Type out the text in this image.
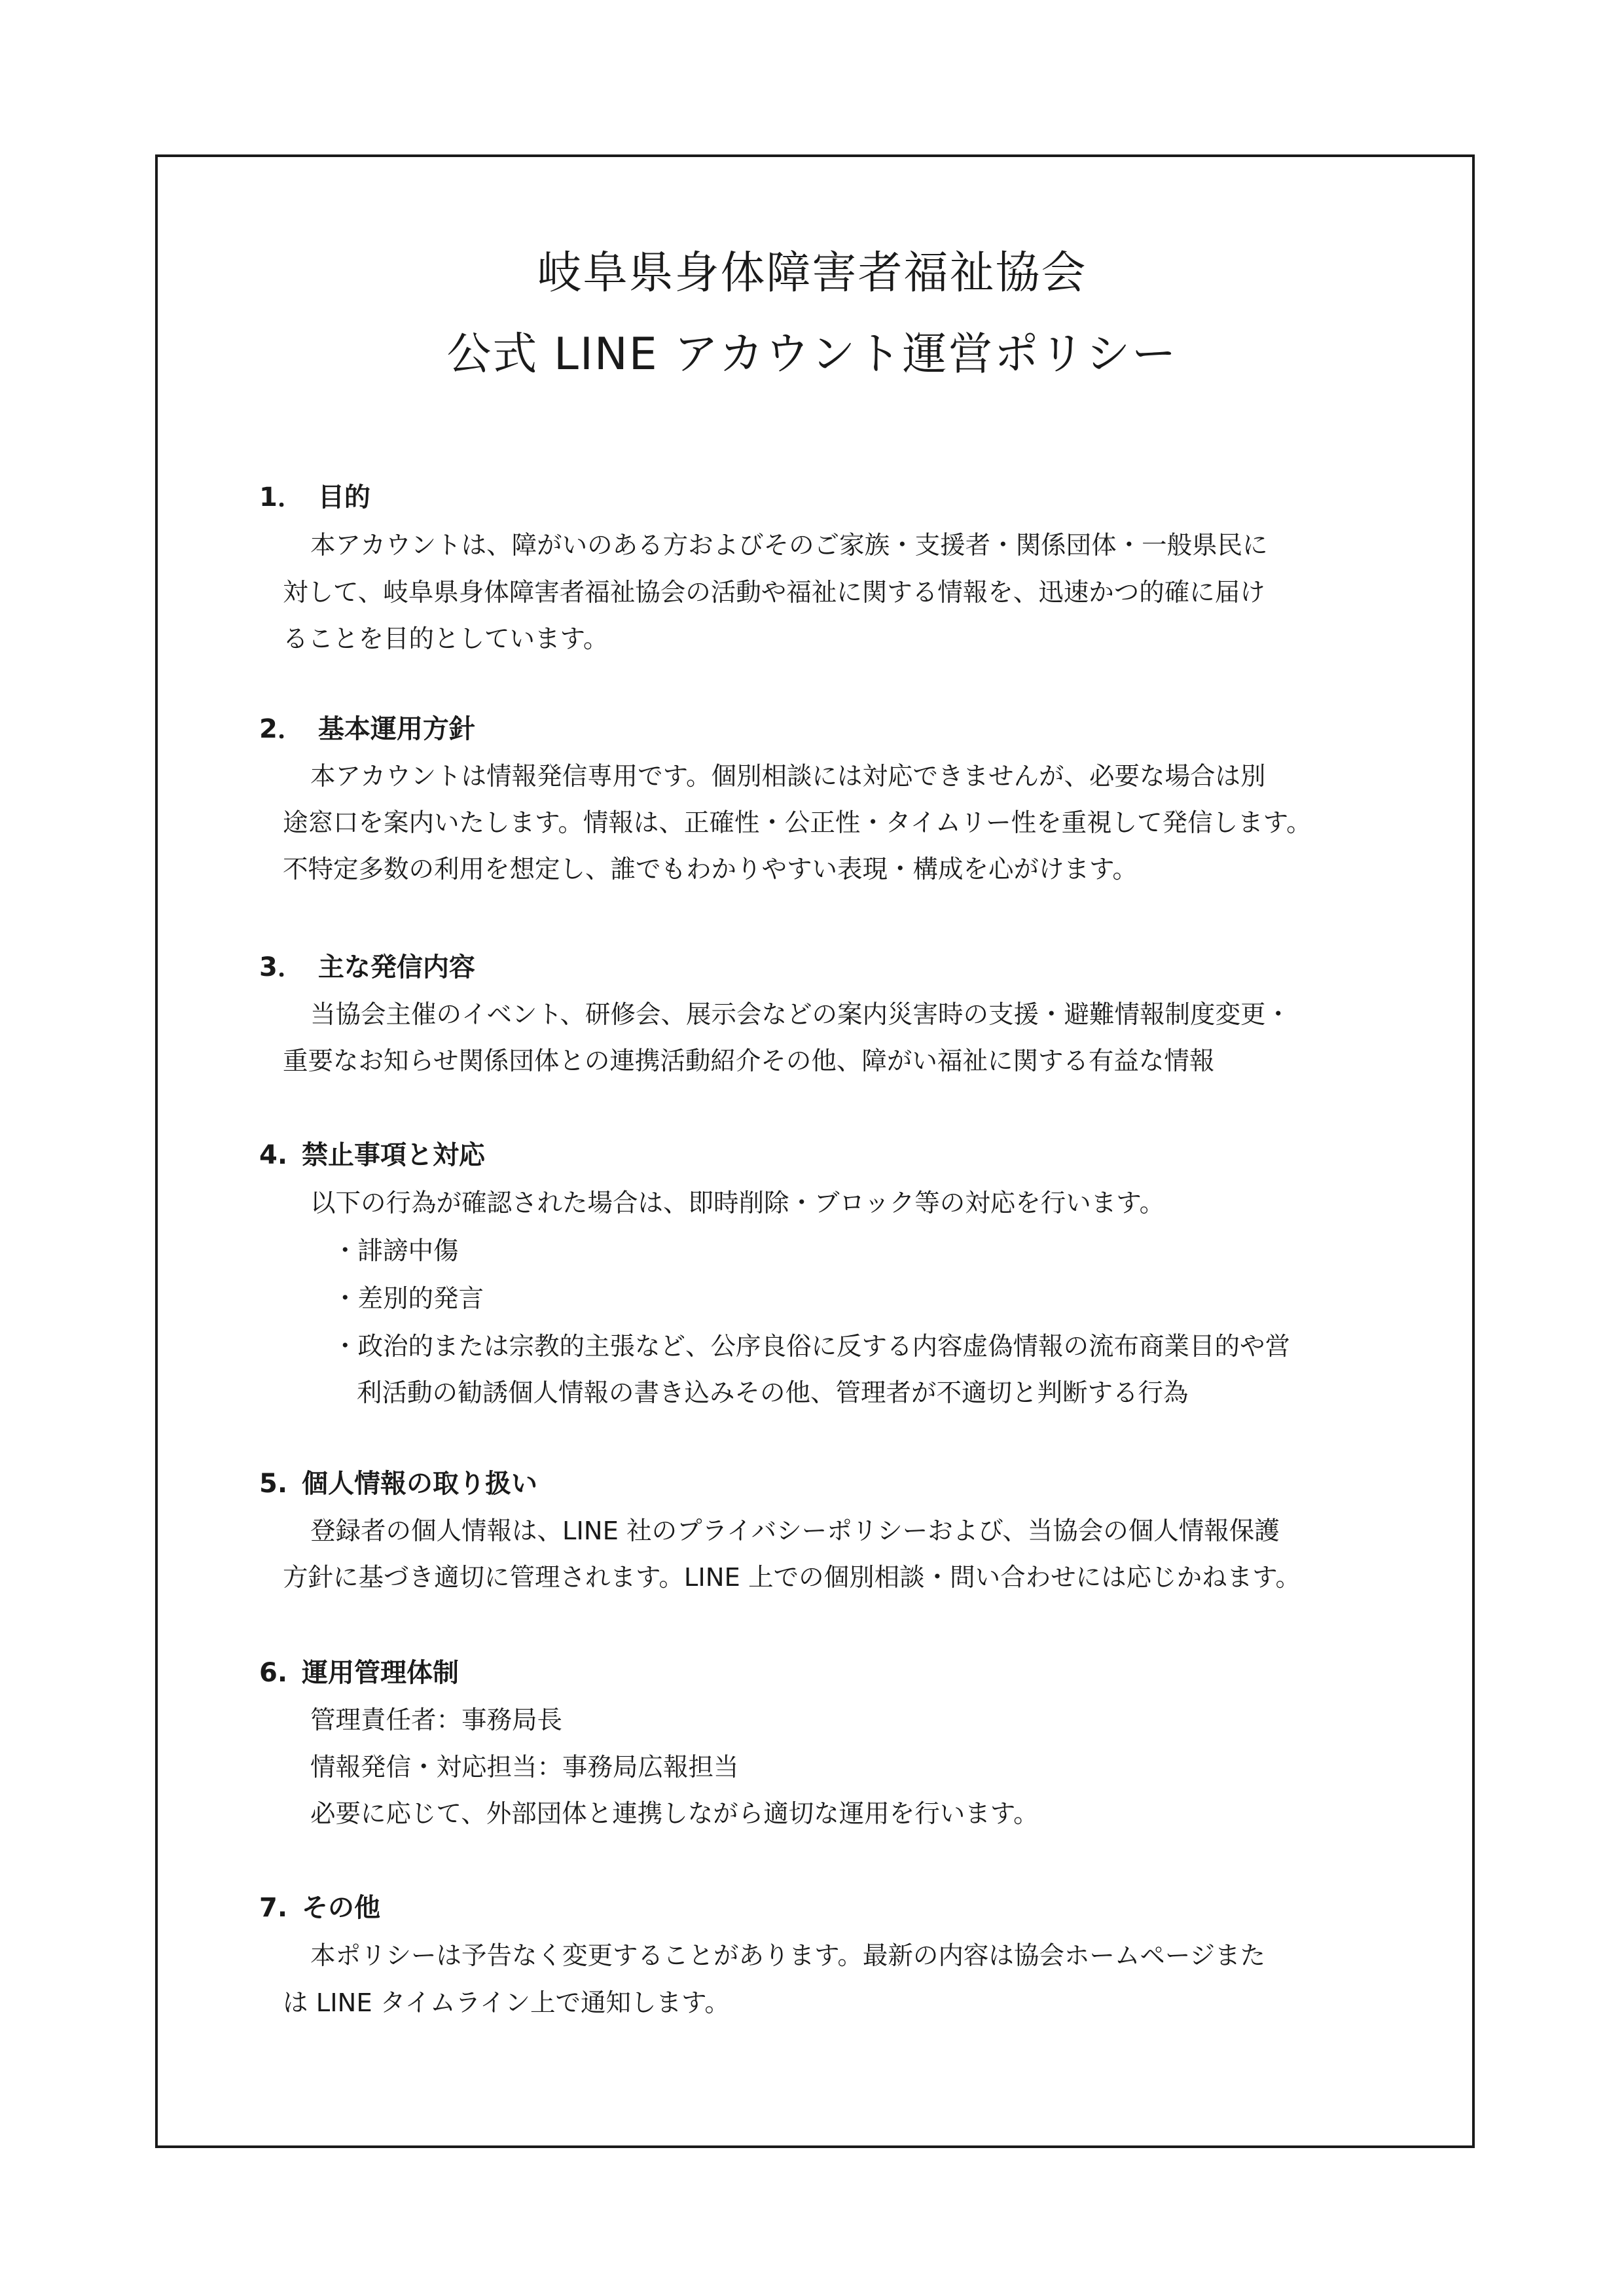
岐阜県身体障害者福祉協会
公式 LINE アカウント運営ポリシー
1． 目的
本アカウントは、障がいのある方およびそのご家族・支援者・関係団体・一般県民に
対して、岐阜県身体障害者福祉協会の活動や福祉に関する情報を、迅速かつ的確に届け
ることを目的としています。
2． 基本運用方針
本アカウントは情報発信専用です。個別相談には対応できませんが、必要な場合は別
途窓口を案内いたします。情報は、正確性・公正性・タイムリー性を重視して発信します。
不特定多数の利用を想定し、誰でもわかりやすい表現・構成を心がけます。
3． 主な発信内容
当協会主催のイベント、研修会、展示会などの案内災害時の支援・避難情報制度変更・
重要なお知らせ関係団体との連携活動紹介その他、障がい福祉に関する有益な情報
4. 禁止事項と対応
以下の行為が確認された場合は、即時削除・ブロック等の対応を行います。
・誹謗中傷
・差別的発言
・政治的または宗教的主張など、公序良俗に反する内容虚偽情報の流布商業目的や営
利活動の勧誘個人情報の書き込みその他、管理者が不適切と判断する行為
5. 個人情報の取り扱い
登録者の個人情報は、LINE 社のプライバシーポリシーおよび、当協会の個人情報保護
方針に基づき適切に管理されます。LINE 上での個別相談・問い合わせには応じかねます。
6. 運用管理体制
管理責任者：事務局長
情報発信・対応担当：事務局広報担当
必要に応じて、外部団体と連携しながら適切な運用を行います。
7. その他
本ポリシーは予告なく変更することがあります。最新の内容は協会ホームページまた
は LINE タイムライン上で通知します。
